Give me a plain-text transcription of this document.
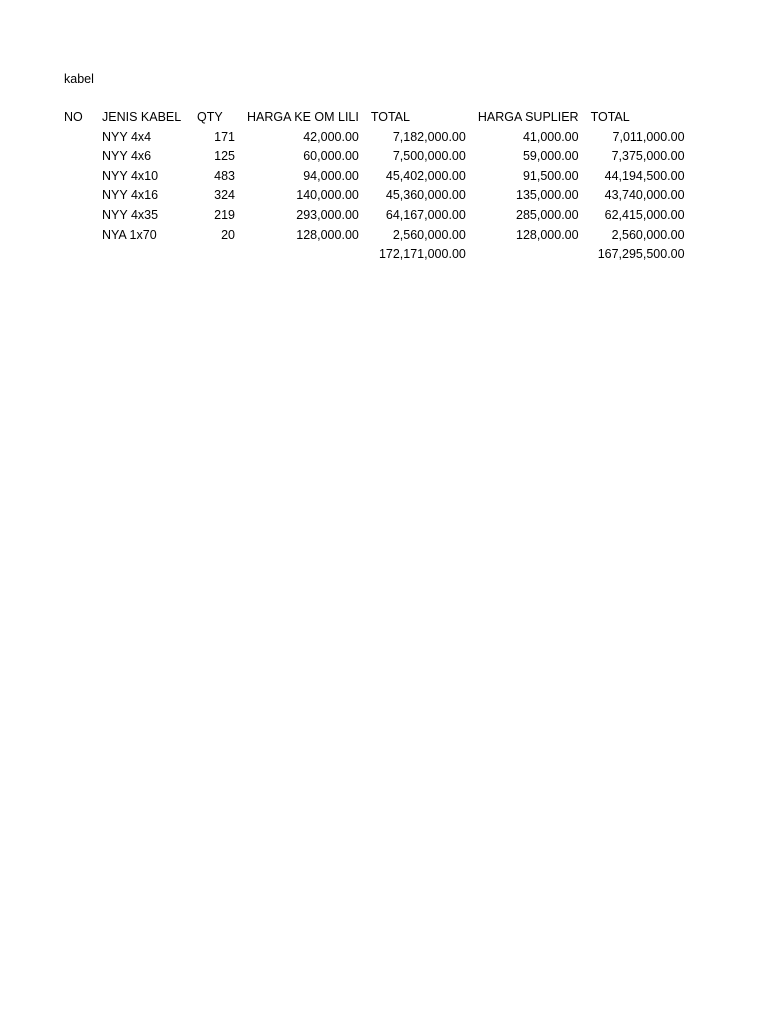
kabel
NO	JENIS KABEL	QTY	HARGA KE OM LILI	TOTAL	HARGA SUPLIER	TOTAL
	NYY 4x4	171	42,000.00	7,182,000.00	41,000.00	7,011,000.00
	NYY 4x6	125	60,000.00	7,500,000.00	59,000.00	7,375,000.00
	NYY 4x10	483	94,000.00	45,402,000.00	91,500.00	44,194,500.00
	NYY 4x16	324	140,000.00	45,360,000.00	135,000.00	43,740,000.00
	NYY 4x35	219	293,000.00	64,167,000.00	285,000.00	62,415,000.00
	NYA 1x70	20	128,000.00	2,560,000.00	128,000.00	2,560,000.00
				172,171,000.00		167,295,500.00
